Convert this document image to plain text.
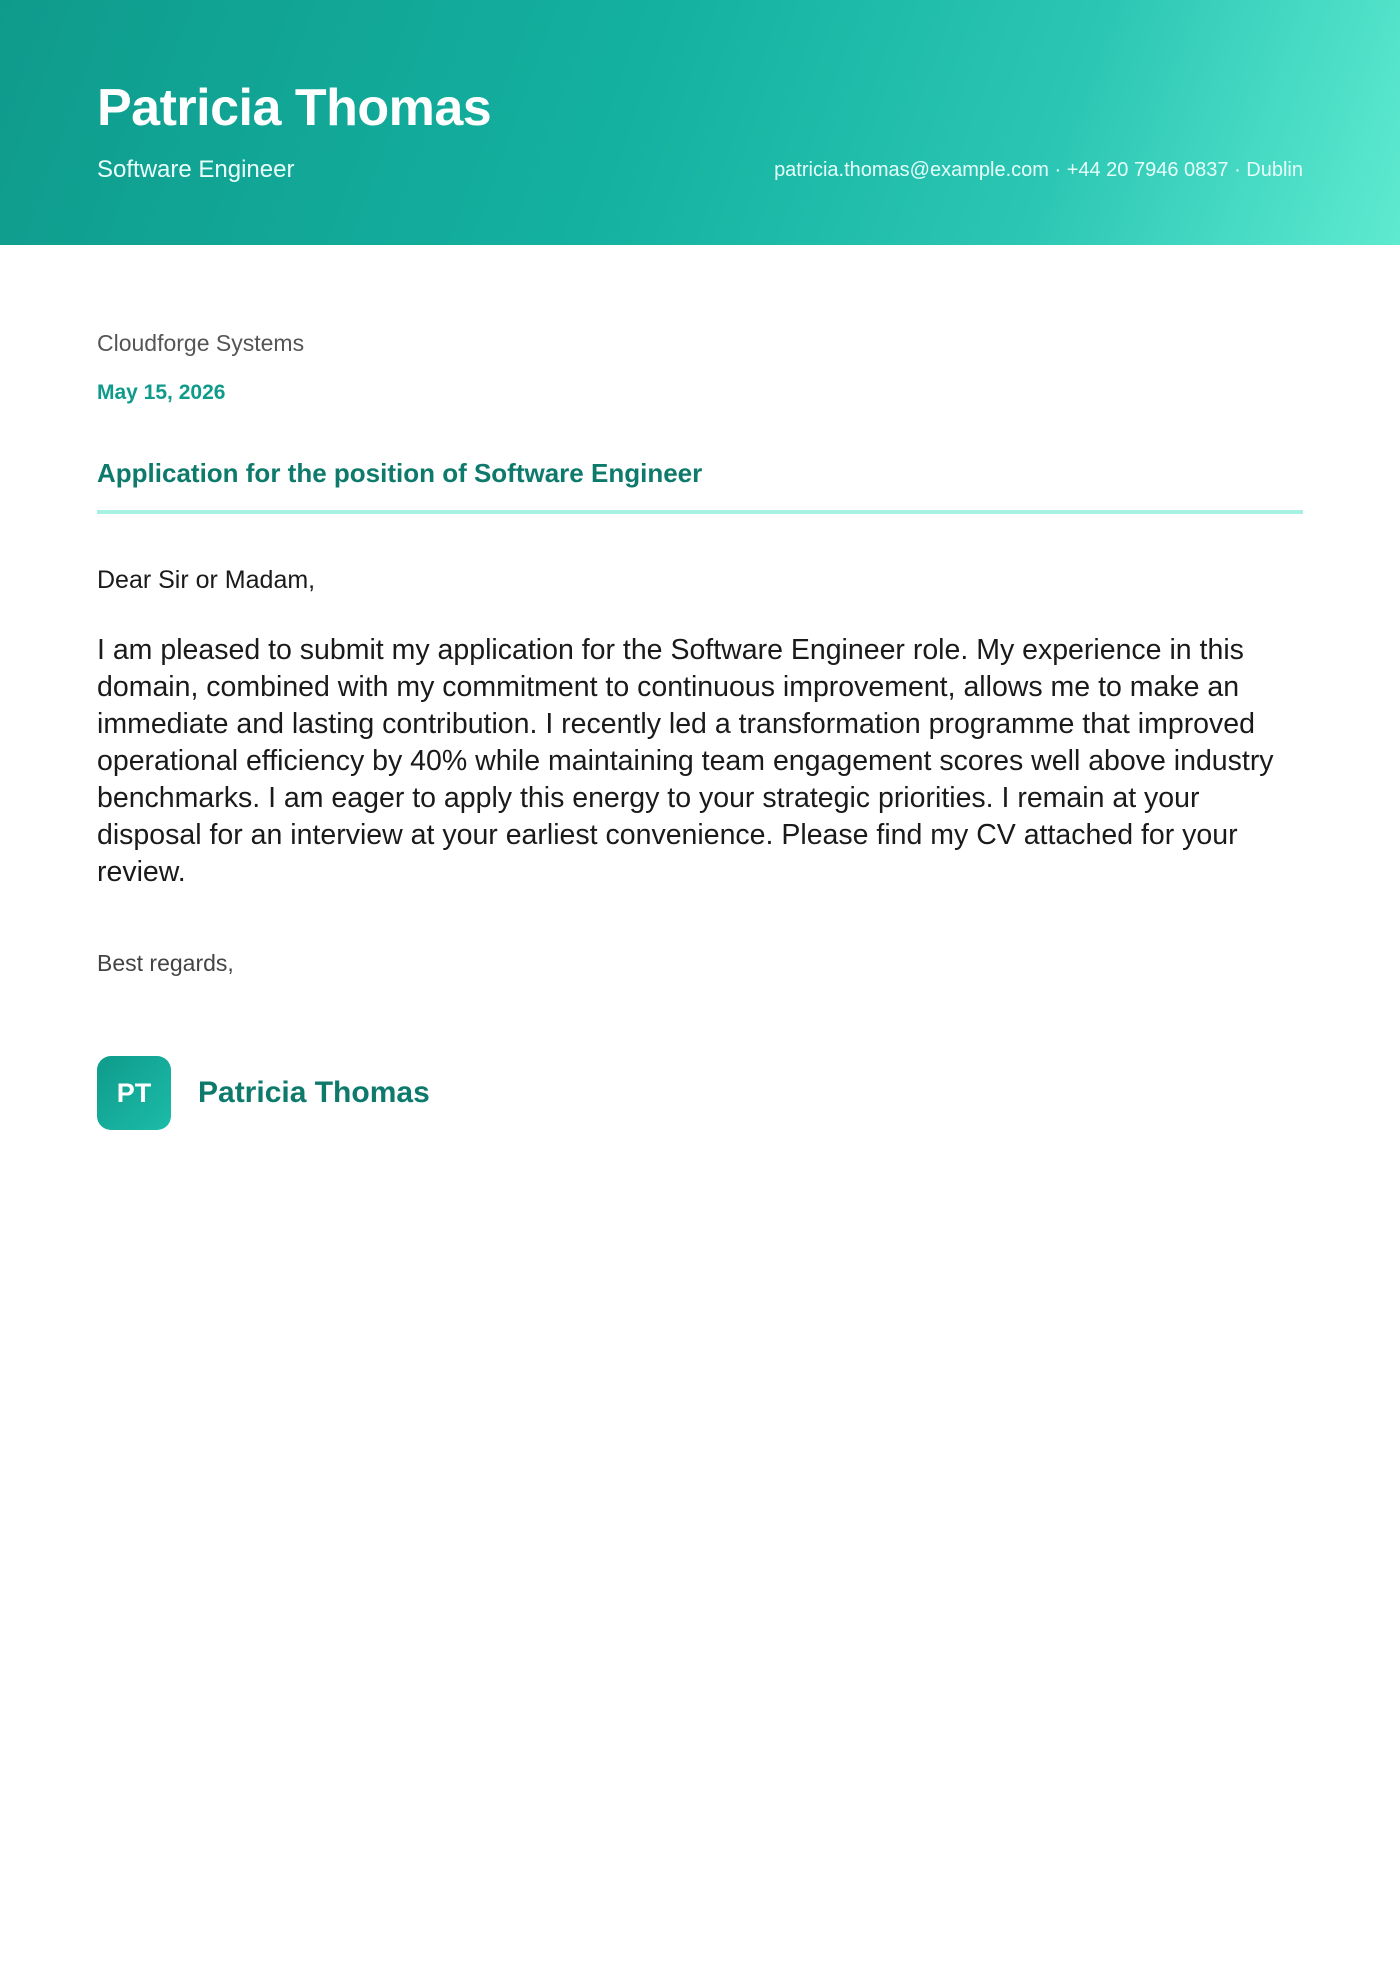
Patricia Thomas
Software Engineer	patricia.thomas@example.com · +44 20 7946 0837 · Dublin
Cloudforge Systems
May 15, 2026
Application for the position of Software Engineer
Dear Sir or Madam,
I am pleased to submit my application for the Software Engineer role. My experience in this domain, combined with my commitment to continuous improvement, allows me to make an immediate and lasting contribution. I recently led a transformation programme that improved operational efficiency by 40% while maintaining team engagement scores well above industry benchmarks. I am eager to apply this energy to your strategic priorities. I remain at your disposal for an interview at your earliest convenience. Please find my CV attached for your review.
Best regards,
PT	Patricia Thomas
